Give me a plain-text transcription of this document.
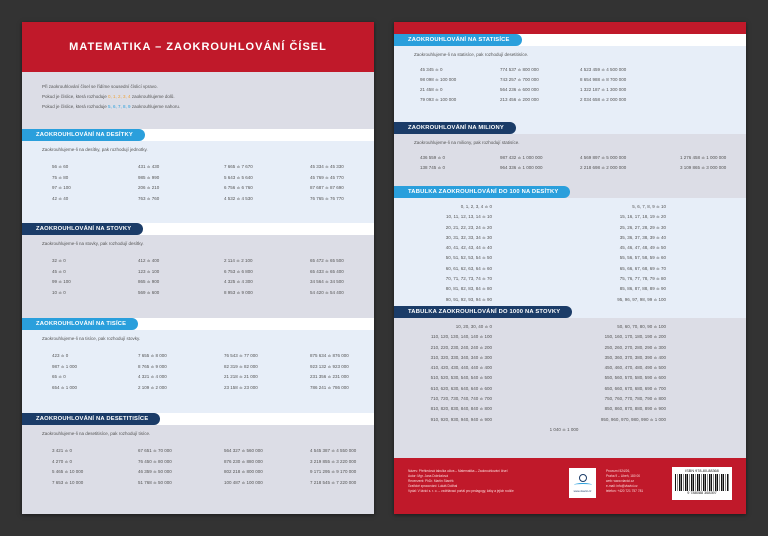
MATEMATIKA – ZAOKROUHLOVÁNÍ ČÍSEL

Při zaokrouhlování čísel se řídíme sousední číslicí vpravo.

Pokud je číslice, která rozhoduje 0, 1, 2, 3, 4 zaokrouhlujeme dolů.

Pokud je číslice, která rozhoduje 5, 6, 7, 8, 9 zaokrouhlujeme nahoru.

ZAOKROUHLOVÁNÍ NA DESÍTKY
Zaokrouhlujeme-li na desítky, pak rozhodují jednotky.
56 ≐ 60	431 ≐ 430	7 665 ≐ 7 670	45 334 ≐ 45 330
75 ≐ 80	985 ≐ 990	5 643 ≐ 5 640	45 769 ≐ 45 770
97 ≐ 100	206 ≐ 210	6 756 ≐ 6 760	87 687 ≐ 87 690
42 ≐ 40	763 ≐ 760	4 532 ≐ 4 530	76 765 ≐ 76 770
ZAOKROUHLOVÁNÍ NA STOVKY
Zaokrouhlujeme-li na stovky, pak rozhodují desítky.
32 ≐ 0	412 ≐ 400	2 114 ≐ 2 100	65 472 ≐ 65 500
45 ≐ 0	123 ≐ 100	6 753 ≐ 6 800	65 433 ≐ 65 400
99 ≐ 100	865 ≐ 900	4 325 ≐ 4 300	34 564 ≐ 34 500
10 ≐ 0	569 ≐ 600	8 953 ≐ 9 000	54 420 ≐ 54 400
ZAOKROUHLOVÁNÍ NA TISÍCE
Zaokrouhlujeme-li na tisíce, pak rozhodují stovky.
423 ≐ 0	7 655 ≐ 8 000	76 543 ≐ 77 000	875 634 ≐ 876 000
987 ≐ 1 000	8 765 ≐ 9 000	82 319 ≐ 82 000	923 132 ≐ 923 000
65 ≐ 0	4 321 ≐ 4 000	21 218 ≐ 21 000	231 356 ≐ 231 000
654 ≐ 1 000	2 109 ≐ 2 000	23 158 ≐ 23 000	786 241 ≐ 786 000
ZAOKROUHLOVÁNÍ NA DESETITISÍCE
Zaokrouhlujeme-li na desetitisíce, pak rozhodují tisíce.
3 421 ≐ 0	67 651 ≐ 70 000	564 327 ≐ 560 000	4 545 387 ≐ 4 550 000
4 270 ≐ 0	76 450 ≐ 80 000	876 230 ≐ 880 000	3 219 855 ≐ 3 220 000
5 465 ≐ 10 000	46 359 ≐ 50 000	802 218 ≐ 800 000	9 171 295 ≐ 9 170 000
7 653 ≐ 10 000	51 768 ≐ 50 000	100 487 ≐ 100 000	7 218 545 ≐ 7 220 000
ZAOKROUHLOVÁNÍ NA STATISÍCE
Zaokrouhlujeme-li na statisíce, pak rozhodují desetitisíce.
45 345 ≐ 0	774 537 ≐ 800 000	4 523 459 ≐ 4 500 000
98 098 ≐ 100 000	743 257 ≐ 700 000	8 654 988 ≐ 8 700 000
21 458 ≐ 0	564 236 ≐ 600 000	1 322 187 ≐ 1 300 000
79 093 ≐ 100 000	213 456 ≐ 200 000	2 034 658 ≐ 2 000 000
ZAOKROUHLOVÁNÍ NA MILIONY
Zaokrouhlujeme-li na miliony, pak rozhodují statisíce.
436 559 ≐ 0	987 432 ≐ 1 000 000	4 569 897 ≐ 5 000 000	1 276 458 ≐ 1 000 000
138 745 ≐ 0	964 336 ≐ 1 000 000	2 218 698 ≐ 2 000 000	3 109 865 ≐ 3 000 000
TABULKA ZAOKROUHLOVÁNÍ DO 100 NA DESÍTKY
0, 1, 2, 3, 4 ≐ 0	5, 6, 7, 8, 9 ≐ 10
10, 11, 12, 13, 14 ≐ 10	15, 16, 17, 18, 19 ≐ 20
20, 21, 22, 23, 24 ≐ 20	25, 26, 27, 28, 29 ≐ 30
30, 31, 32, 33, 34 ≐ 30	35, 36, 37, 38, 39 ≐ 40
40, 41, 42, 43, 44 ≐ 40	45, 46, 47, 48, 49 ≐ 50
50, 51, 52, 53, 54 ≐ 50	55, 56, 57, 58, 59 ≐ 60
60, 61, 62, 63, 64 ≐ 60	65, 66, 67, 68, 69 ≐ 70
70, 71, 72, 73, 74 ≐ 70	75, 76, 77, 78, 79 ≐ 80
80, 81, 82, 83, 84 ≐ 80	85, 86, 87, 88, 89 ≐ 90
90, 91, 92, 93, 94 ≐ 90	95, 96, 97, 98, 99 ≐ 100
TABULKA ZAOKROUHLOVÁNÍ DO 1000 NA STOVKY
10, 20, 30, 40 ≐ 0	50, 60, 70, 80, 90 ≐ 100
110, 120, 130, 140, 140 ≐ 100	150, 160, 170, 180, 190 ≐ 200
210, 220, 230, 240, 240 ≐ 200	250, 260, 270, 280, 290 ≐ 300
310, 320, 330, 340, 340 ≐ 300	350, 360, 370, 380, 390 ≐ 400
410, 420, 430, 440, 440 ≐ 400	450, 460, 470, 480, 490 ≐ 500
510, 520, 530, 540, 540 ≐ 500	550, 560, 570, 580, 590 ≐ 600
610, 620, 630, 640, 640 ≐ 600	650, 660, 670, 680, 690 ≐ 700
710, 720, 730, 740, 740 ≐ 700	750, 760, 770, 780, 790 ≐ 800
810, 820, 830, 840, 840 ≐ 800	850, 860, 870, 880, 890 ≐ 900
910, 920, 930, 940, 940 ≐ 900	950, 960, 970, 980, 990 ≐ 1 000
1 040 ≐ 1 000
Název: Přehledová tabulka učiva – Matematika – Zaokrouhlování čísel
Autor: Mgr. Jana Doležalová
Recenzent: PhDr. Martin Staněk
Grafické zpracování: Lukáš Dolihal
Vydal: V lávicí s. r. o. – vzdělávací portál pro pedagogy, žáky a jejich rodiče	www.vlavici.cz
Provozní 524/26,
Praha 9 – Libeň, 180 00
web: www.vlavici.cz
e-mail: info@vlavici.cz
telefon: +420 721 757 781
ISBN 978-80-88368
9 788088 368397
